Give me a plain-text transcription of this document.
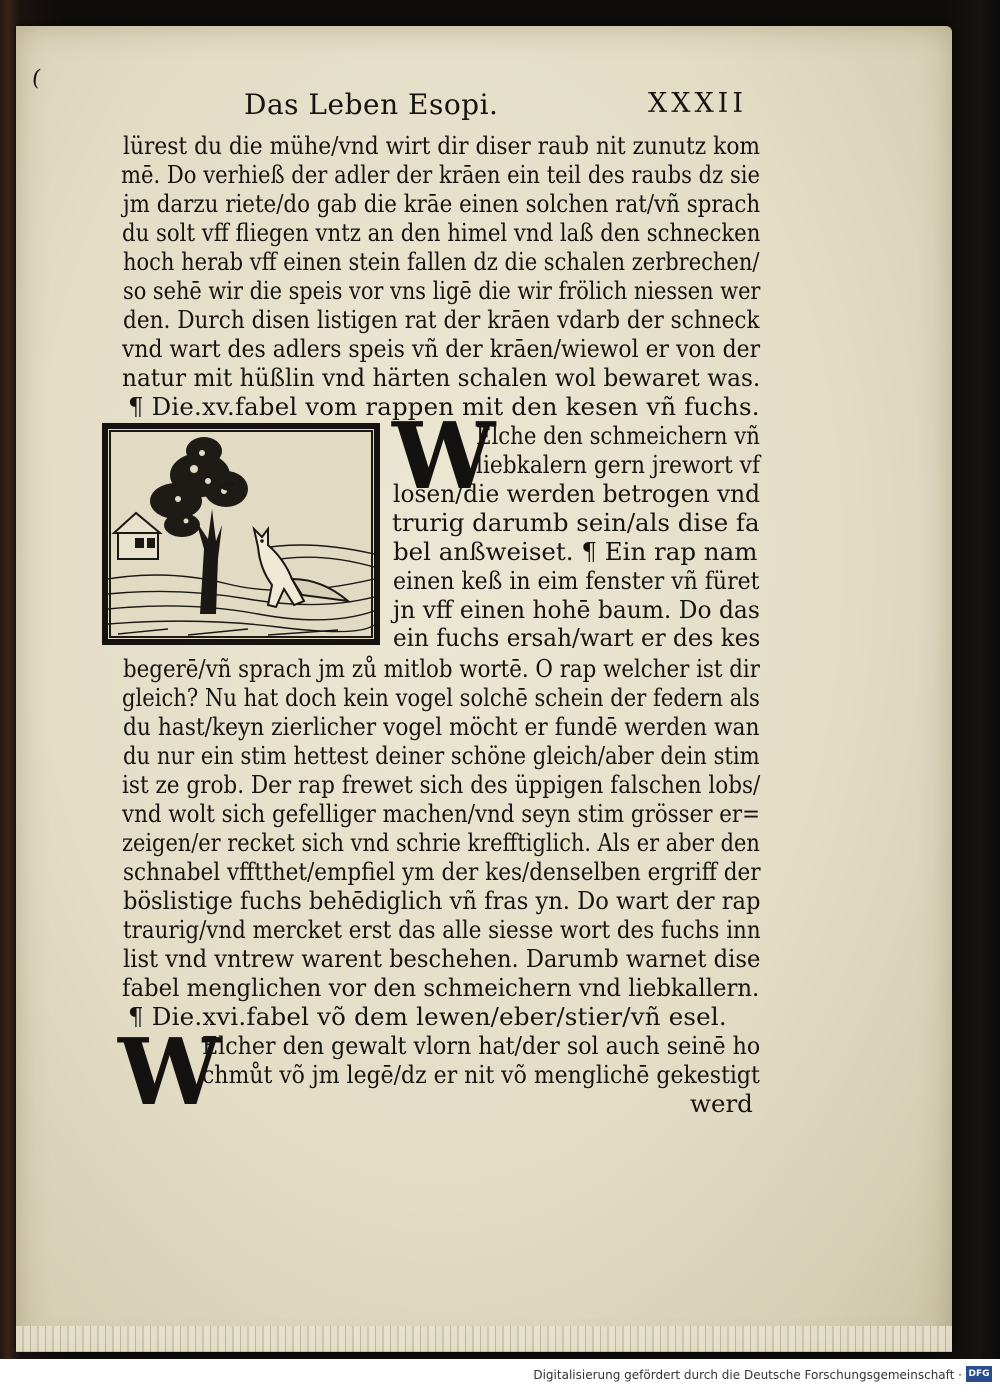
(
Das Leben Esopi.	XXXII
lürest du die mühe/vnd wirt dir diser raub nit zunutz kom
mē. Do verhieß der adler der krāen ein teil des raubs dz sie
jm darzu riete/do gab die krāe einen solchen rat/vñ sprach
du solt vff fliegen vntz an den himel vnd laß den schnecken
hoch herab vff einen stein fallen dz die schalen zerbrechen/
so sehē wir die speis vor vns ligē die wir frölich niessen wer
den. Durch disen listigen rat der krāen vdarb der schneck
vnd wart des adlers speis vñ der krāen/wiewol er von der
natur mit hüßlin vnd härten schalen wol bewaret was.
¶ Die.xv.fabel vom rappen mit den kesen vñ fuchs.
W
Elche den schmeichern vñ
liebkalern gern jrewort vf
losen/die werden betrogen vnd
trurig darumb sein/als dise fa
bel anßweiset. ¶ Ein rap nam
einen keß in eim fenster vñ füret
jn vff einen hohē baum. Do das
ein fuchs ersah/wart er des kes
begerē/vñ sprach jm zů mitlob wortē. O rap welcher ist dir
gleich? Nu hat doch kein vogel solchē schein der federn als
du hast/keyn zierlicher vogel möcht er fundē werden wan
du nur ein stim hettest deiner schöne gleich/aber dein stim
ist ze grob. Der rap frewet sich des üppigen falschen lobs/
vnd wolt sich gefelliger machen/vnd seyn stim grösser er=
zeigen/er recket sich vnd schrie krefftiglich. Als er aber den
schnabel vfftthet/empfiel ym der kes/denselben ergriff der
böslistige fuchs behēdiglich vñ fras yn. Do wart der rap
traurig/vnd mercket erst das alle siesse wort des fuchs inn
list vnd vntrew warent beschehen. Darumb warnet dise
fabel menglichen vor den schmeichern vnd liebkallern.
¶ Die.xvi.fabel võ dem lewen/eber/stier/vñ esel.
W
Elcher den gewalt vlorn hat/der sol auch seinē ho
chmůt võ jm legē/dz er nit võ menglichē gekestigt
werd
Digitalisierung gefördert durch die Deutsche Forschungsgemeinschaft · DFG
